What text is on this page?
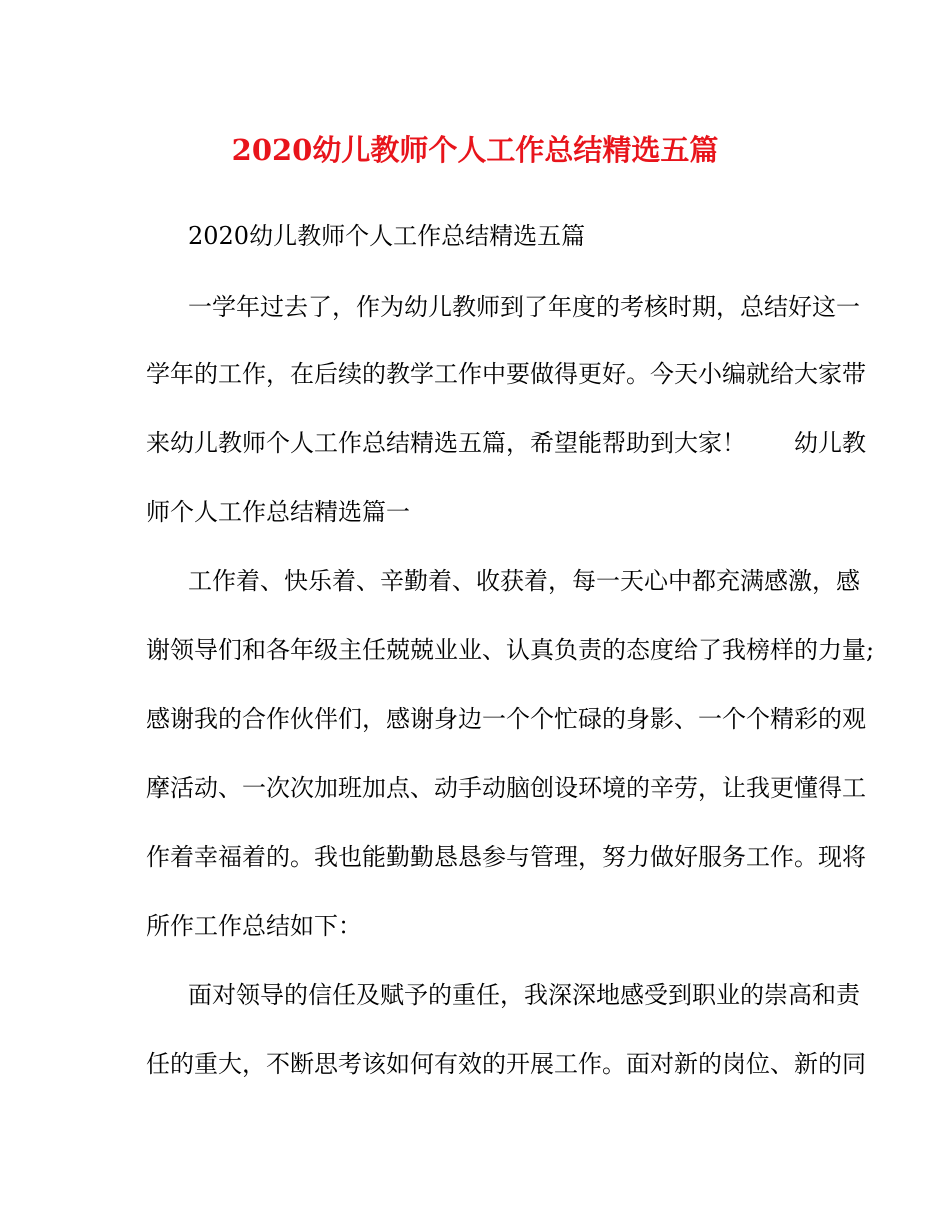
2020幼儿教师个人工作总结精选五篇
2020幼儿教师个人工作总结精选五篇
一学年过去了，作为幼儿教师到了年度的考核时期，总结好这一
学年的工作，在后续的教学工作中要做得更好。今天小编就给大家带
来幼儿教师个人工作总结精选五篇，希望能帮助到大家！　　幼儿教
师个人工作总结精选篇一
工作着、快乐着、辛勤着、收获着，每一天心中都充满感激，感
谢领导们和各年级主任兢兢业业、认真负责的态度给了我榜样的力量;
感谢我的合作伙伴们，感谢身边一个个忙碌的身影、一个个精彩的观
摩活动、一次次加班加点、动手动脑创设环境的辛劳，让我更懂得工
作着幸福着的。我也能勤勤恳恳参与管理，努力做好服务工作。现将
所作工作总结如下：
面对领导的信任及赋予的重任，我深深地感受到职业的崇高和责
任的重大，不断思考该如何有效的开展工作。面对新的岗位、新的同
